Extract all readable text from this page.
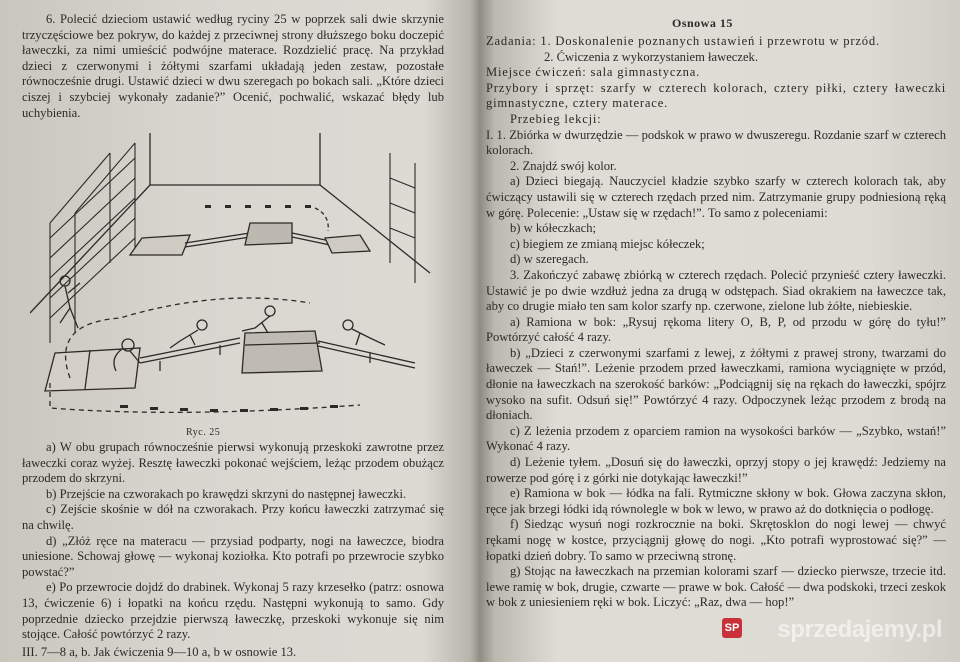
6. Polecić dzieciom ustawić według ryciny 25 w poprzek sali dwie skrzynie trzyczęściowe bez pokryw, do każdej z przeciwnej strony dłuższego boku doczepić ławeczki, za nimi umieścić podwójne materace. Rozdzielić pracę. Na przykład dzieci z czerwonymi i żółtymi szarfami układają jeden zestaw, pozostałe równocześnie drugi. Ustawić dzieci w dwu szeregach po bokach sali. „Które dzieci ciszej i szybciej wykonały zadanie?” Ocenić, pochwalić, wskazać błędy lub uchybienia.

Ryc. 25

a) W obu grupach równocześnie pierwsi wykonują przeskoki zawrotne przez ławeczki coraz wyżej. Resztę ławeczki pokonać wejściem, leżąc przodem obużącz przodem do skrzyni.

b) Przejście na czworakach po krawędzi skrzyni do następnej ławeczki.

c) Zejście skośnie w dół na czworakach. Przy końcu ławeczki zatrzymać się na chwilę.

d) „Złóż ręce na materacu — przysiad podparty, nogi na ławeczce, biodra uniesione. Schowaj głowę — wykonaj koziołka. Kto potrafi po przewrocie szybko powstać?”

e) Po przewrocie dojdź do drabinek. Wykonaj 5 razy krzesełko (patrz: osnowa 13, ćwiczenie 6) i łopatki na końcu rzędu. Następni wykonują to samo. Gdy poprzednie dziecko przejdzie pierwszą ławeczkę, przeskoki wykonuje się nim stojące. Całość powtórzyć 2 razy.

III. 7—8 a, b. Jak ćwiczenia 9—10 a, b w osnowie 13.

Osnowa 15

Zadania: 1. Doskonalenie poznanych ustawień i przewrotu w przód.

2. Ćwiczenia z wykorzystaniem ławeczek.

Miejsce ćwiczeń: sala gimnastyczna.

Przybory i sprzęt: szarfy w czterech kolorach, cztery piłki, cztery ławeczki gimnastyczne, cztery materace.

Przebieg lekcji:

I. 1. Zbiórka w dwurzędzie — podskok w prawo w dwuszeregu. Rozdanie szarf w czterech kolorach.

2. Znajdź swój kolor.

a) Dzieci biegają. Nauczyciel kładzie szybko szarfy w czterech kolorach tak, aby ćwiczący ustawili się w czterech rzędach przed nim. Zatrzymanie grupy podniesioną ręką w górę. Polecenie: „Ustaw się w rzędach!”. To samo z poleceniami:

b) w kółeczkach;

c) biegiem ze zmianą miejsc kółeczek;

d) w szeregach.

3. Zakończyć zabawę zbiórką w czterech rzędach. Polecić przynieść cztery ławeczki. Ustawić je po dwie wzdłuż jedna za drugą w odstępach. Siad okrakiem na ławeczce tak, aby co drugie miało ten sam kolor szarfy np. czerwone, zielone lub żółte, niebieskie.

a) Ramiona w bok: „Rysuj rękoma litery O, B, P, od przodu w górę do tyłu!” Powtórzyć całość 4 razy.

b) „Dzieci z czerwonymi szarfami z lewej, z żółtymi z prawej strony, twarzami do ławeczek — Stań!”. Leżenie przodem przed ławeczkami, ramiona wyciągnięte w przód, dłonie na ławeczkach na szerokość barków: „Podciągnij się na rękach do ławeczki, spójrz wysoko na sufit. Odsuń się!” Powtórzyć 4 razy. Odpoczynek leżąc przodem z brodą na dłoniach.

c) Z leżenia przodem z oparciem ramion na wysokości barków — „Szybko, wstań!” Wykonać 4 razy.

d) Leżenie tyłem. „Dosuń się do ławeczki, oprzyj stopy o jej krawędź: Jedziemy na rowerze pod górę i z górki nie dotykając ławeczki!”

e) Ramiona w bok — łódka na fali. Rytmiczne skłony w bok. Głowa zaczyna skłon, ręce jak brzegi łódki idą równolegle w bok w lewo, w prawo aż do dotknięcia o podłogę.

f) Siedząc wysuń nogi rozkrocznie na boki. Skrętosklon do nogi lewej — chwyć rękami nogę w kostce, przyciągnij głowę do nogi. „Kto potrafi wyprostować się?” — łopatki dzień dobry. To samo w przeciwną stronę.

g) Stojąc na ławeczkach na przemian kolorami szarf — dziecko pierwsze, trzecie itd. lewe ramię w bok, drugie, czwarte — prawe w bok. Całość — dwa podskoki, trzeci zeskok w bok z uniesieniem ręki w bok. Liczyć: „Raz, dwa — hop!”

SP sprzedajemy.pl
